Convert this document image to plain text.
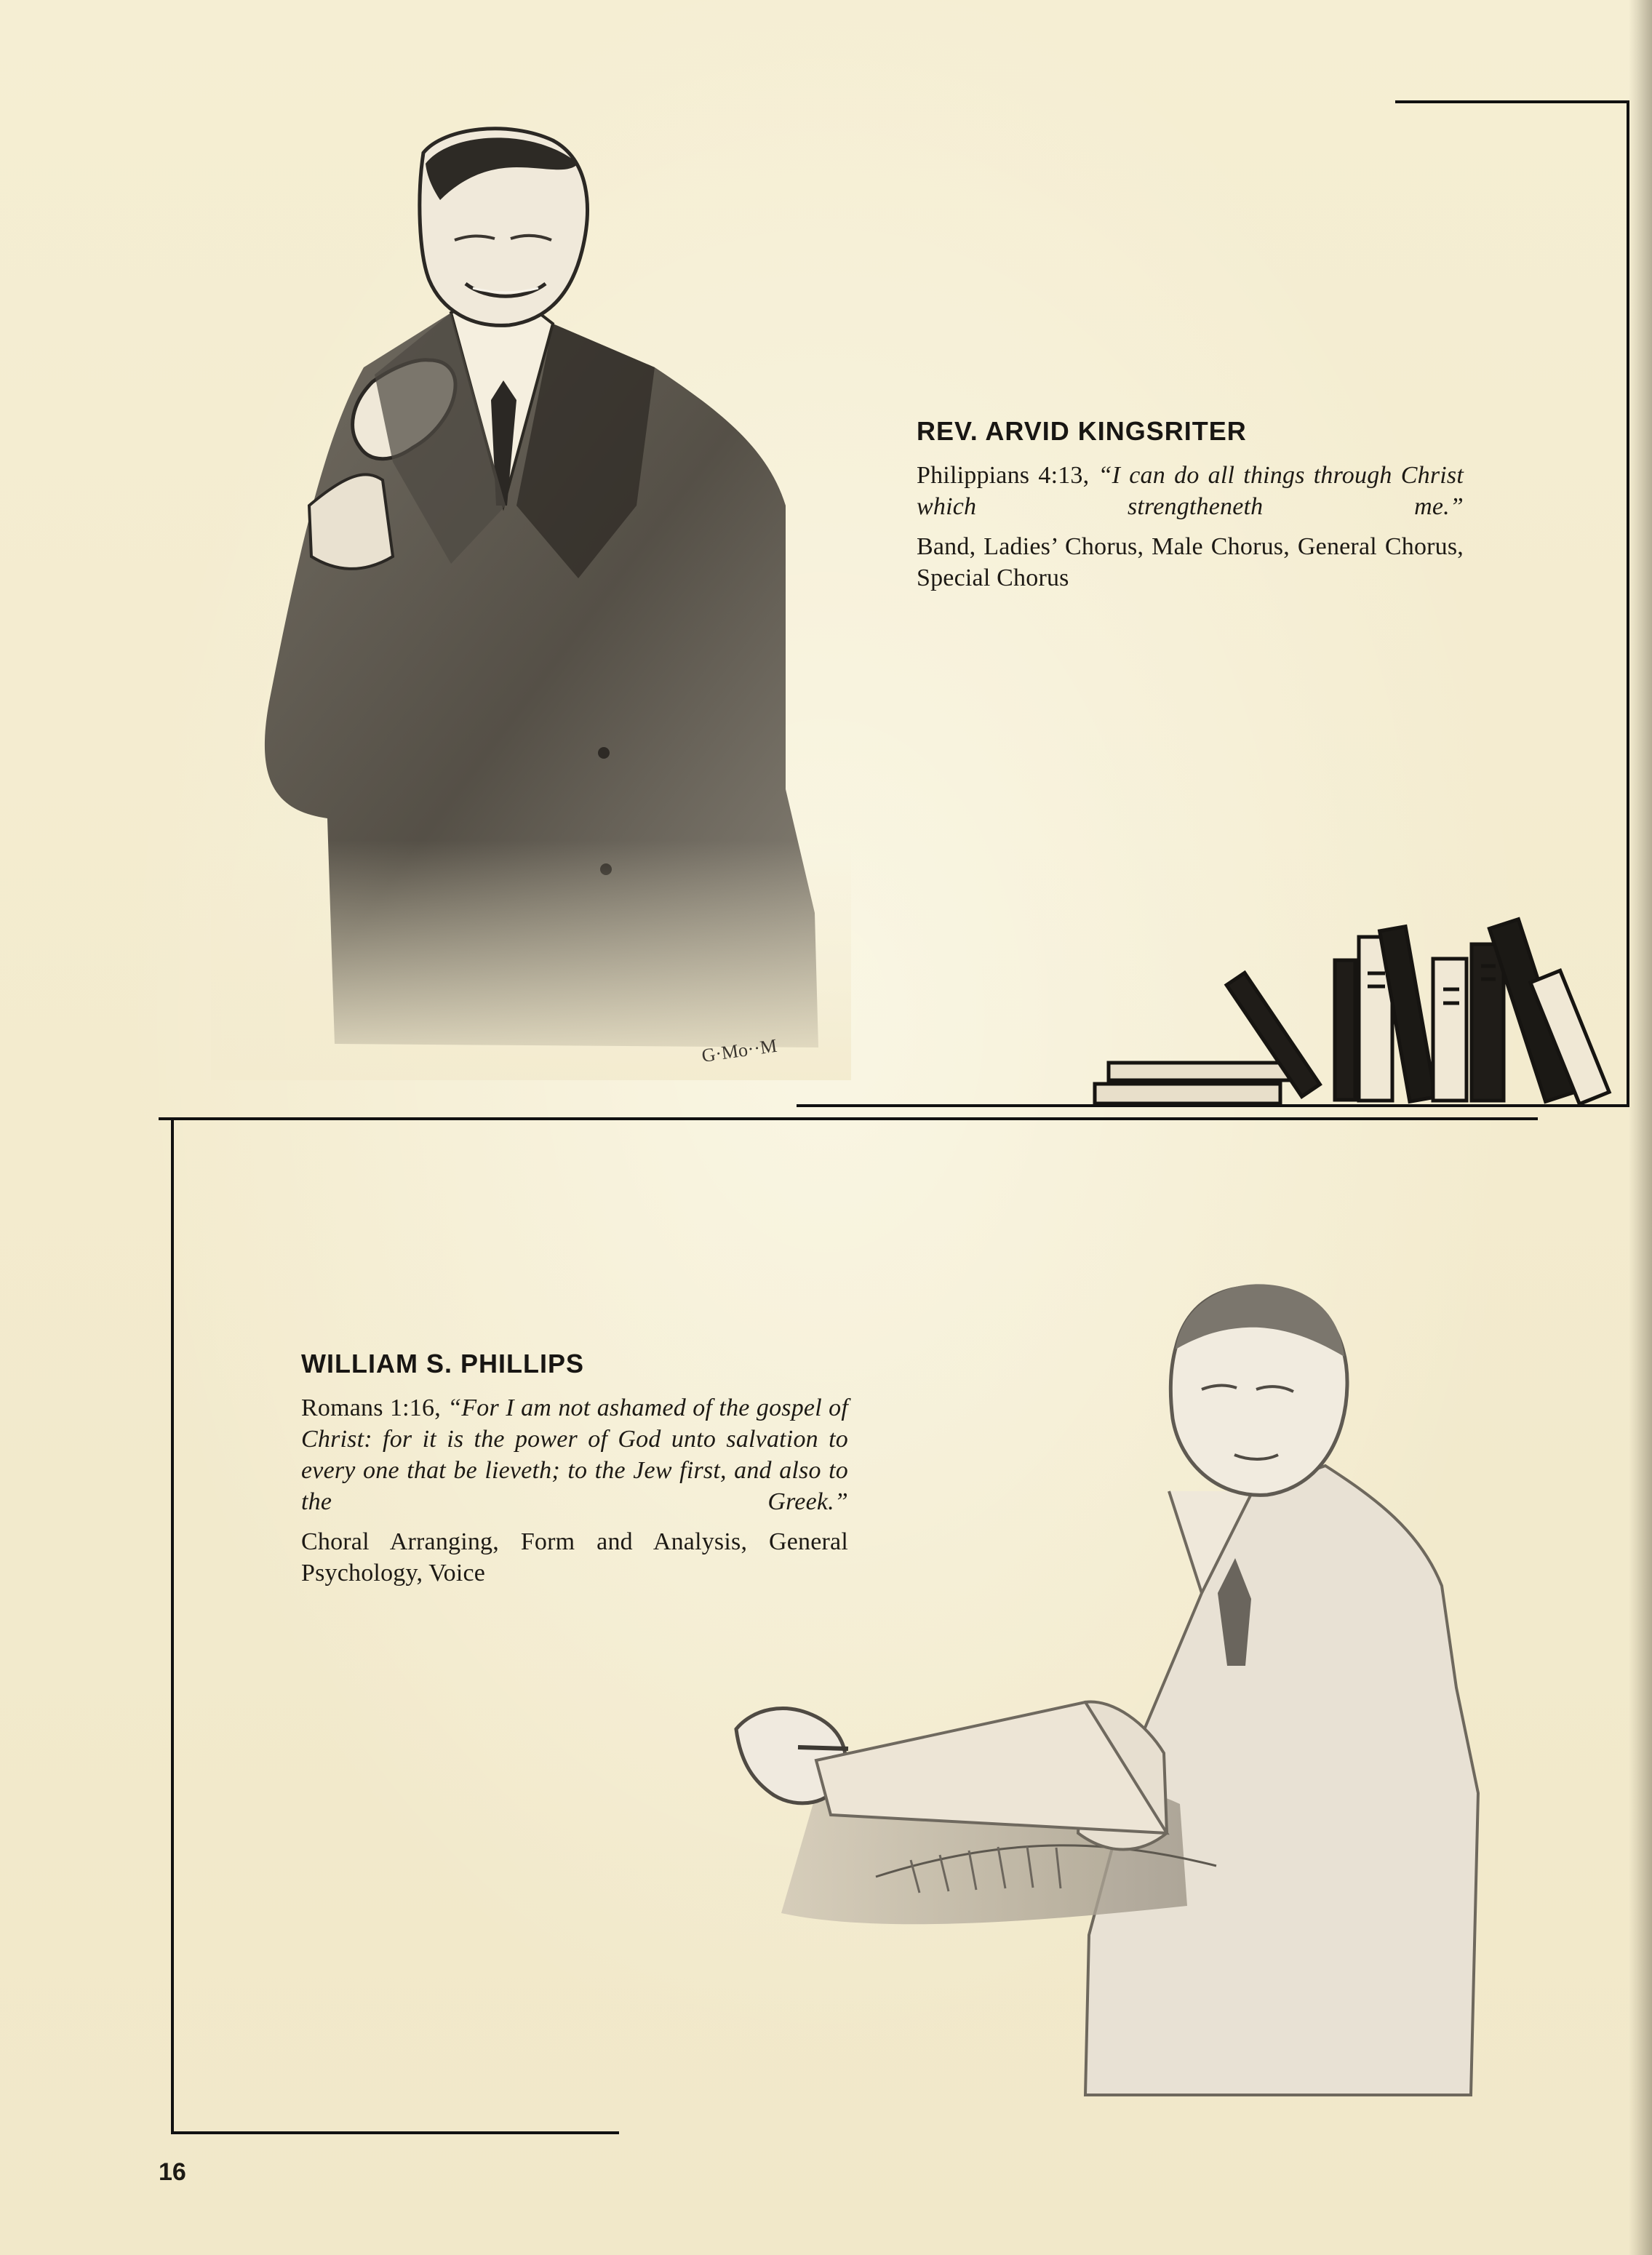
G·Mo··M

REV. ARVID KINGSRITER

Philippians 4:13, “I can do all things through Christ which strengtheneth me.”

Band, Ladies’ Chorus, Male Chorus, General Chorus, Special Chorus

WILLIAM S. PHILLIPS

Romans 1:16, “For I am not ashamed of the gospel of Christ: for it is the power of God unto salvation to every one that be lieveth; to the Jew first, and also to the Greek.”

Choral Arranging, Form and Analysis, General Psychology, Voice

16
